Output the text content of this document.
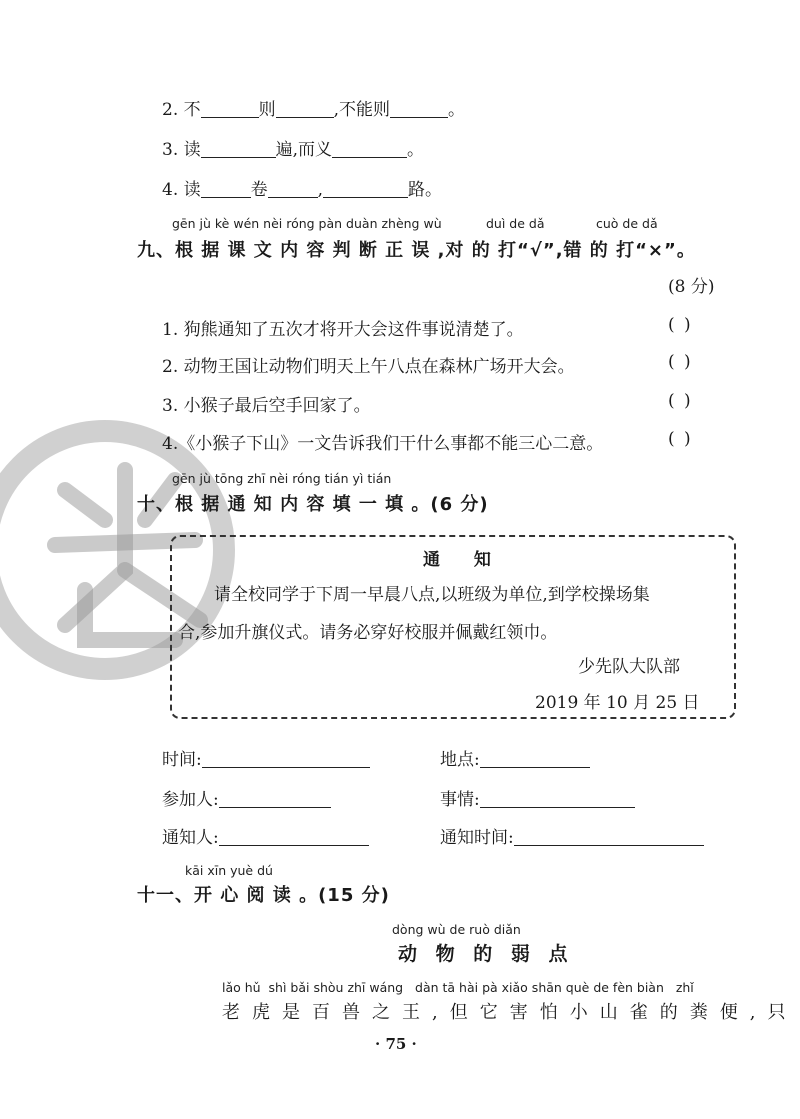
2. 不	则	,不能则	。
3. 读	遍,而义	。
4. 读	卷	,	路。
gēn jù kè wén nèi róng pàn duàn zhèng wù	duì de dǎ	cuò de dǎ
九、根 据 课 文 内 容 判 断 正 误 ,对 的 打“√”,错 的 打“×”。
(8 分)
1. 狗熊通知了五次才将开大会这件事说清楚了。	( )
2. 动物王国让动物们明天上午八点在森林广场开大会。	( )
3. 小猴子最后空手回家了。	( )
4.《小猴子下山》一文告诉我们干什么事都不能三心二意。	( )
gēn jù tōng zhī nèi róng tián yì tián
十、根 据 通 知 内 容 填 一 填 。(6 分)
通 知
请全校同学于下周一早晨八点,以班级为单位,到学校操场集
合,参加升旗仪式。请务必穿好校服并佩戴红领巾。
少先队大队部
2019 年 10 月 25 日
时间:	地点:
参加人:	事情:
通知人:	通知时间:
kāi xīn yuè dú
十一、开 心 阅 读 。(15 分)
dòng wù de ruò diǎn
动 物 的 弱 点
lǎo hǔ  shì bǎi shòu zhī wáng   dàn tā hài pà xiǎo shān què de fèn biàn   zhǐ
老虎是百兽之王,但它害怕小山雀的粪便,只
· 75 ·
